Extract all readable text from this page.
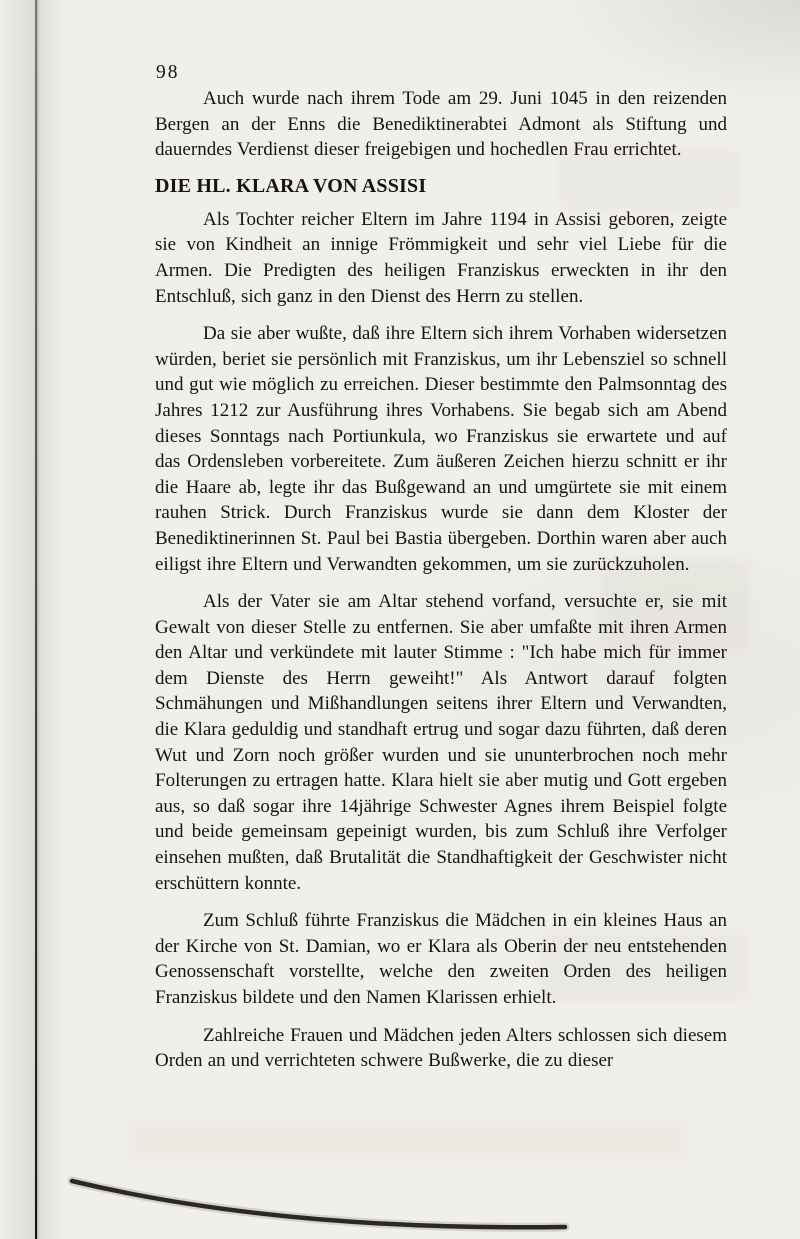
98

Auch wurde nach ihrem Tode am 29. Juni 1045 in den reizenden Bergen an der Enns die Benediktinerabtei Admont als Stiftung und dauerndes Verdienst dieser freigebigen und hochedlen Frau errichtet.

DIE HL. KLARA VON ASSISI

Als Tochter reicher Eltern im Jahre 1194 in Assisi geboren, zeigte sie von Kindheit an innige Frömmigkeit und sehr viel Liebe für die Armen. Die Predigten des heiligen Franziskus erweckten in ihr den Entschluß, sich ganz in den Dienst des Herrn zu stellen.

Da sie aber wußte, daß ihre Eltern sich ihrem Vorhaben widersetzen würden, beriet sie persönlich mit Franziskus, um ihr Lebensziel so schnell und gut wie möglich zu erreichen. Dieser bestimmte den Palmsonntag des Jahres 1212 zur Ausführung ihres Vorhabens. Sie begab sich am Abend dieses Sonntags nach Portiunkula, wo Franziskus sie erwartete und auf das Ordensleben vorbereitete. Zum äußeren Zeichen hierzu schnitt er ihr die Haare ab, legte ihr das Bußgewand an und umgürtete sie mit einem rauhen Strick. Durch Franziskus wurde sie dann dem Kloster der Benediktinerinnen St. Paul bei Bastia übergeben. Dorthin waren aber auch eiligst ihre Eltern und Verwandten gekommen, um sie zurückzuholen.

Als der Vater sie am Altar stehend vorfand, versuchte er, sie mit Gewalt von dieser Stelle zu entfernen. Sie aber umfaßte mit ihren Armen den Altar und verkündete mit lauter Stimme : "Ich habe mich für immer dem Dienste des Herrn geweiht!" Als Antwort darauf folgten Schmähungen und Mißhandlungen seitens ihrer Eltern und Verwandten, die Klara geduldig und standhaft ertrug und sogar dazu führten, daß deren Wut und Zorn noch größer wurden und sie ununterbrochen noch mehr Folterungen zu ertragen hatte. Klara hielt sie aber mutig und Gott ergeben aus, so daß sogar ihre 14jährige Schwester Agnes ihrem Beispiel folgte und beide gemeinsam gepeinigt wurden, bis zum Schluß ihre Verfolger einsehen mußten, daß Brutalität die Standhaftigkeit der Geschwister nicht erschüttern konnte.

Zum Schluß führte Franziskus die Mädchen in ein kleines Haus an der Kirche von St. Damian, wo er Klara als Oberin der neu entstehenden Genossenschaft vorstellte, welche den zweiten Orden des heiligen Franziskus bildete und den Namen Klarissen erhielt.

Zahlreiche Frauen und Mädchen jeden Alters schlossen sich diesem Orden an und verrichteten schwere Bußwerke, die zu dieser
